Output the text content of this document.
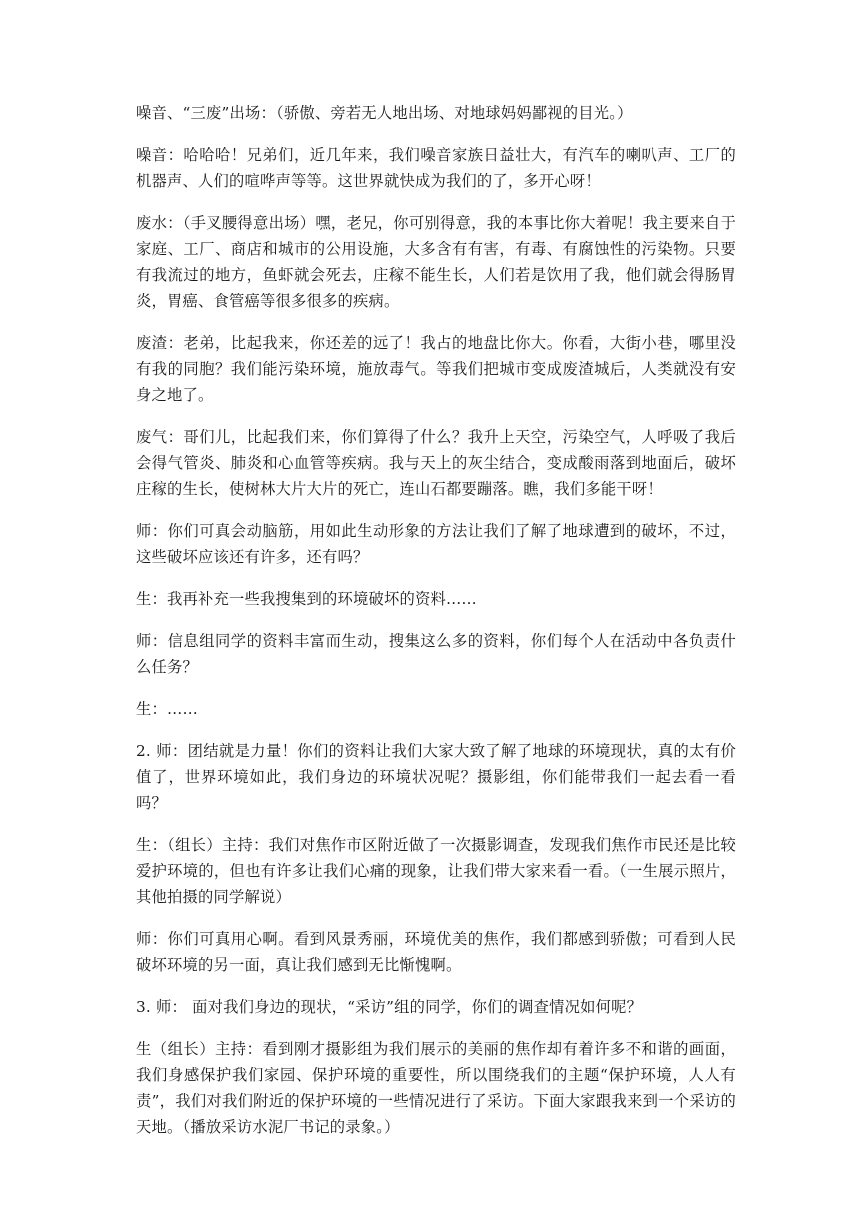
噪音、“三废”出场：（骄傲、旁若无人地出场、对地球妈妈鄙视的目光。）

噪音：哈哈哈！兄弟们，近几年来，我们噪音家族日益壮大，有汽车的喇叭声、工厂的机器声、人们的喧哗声等等。这世界就快成为我们的了，多开心呀！

废水：（手叉腰得意出场）嘿，老兄，你可别得意，我的本事比你大着呢！我主要来自于家庭、工厂、商店和城市的公用设施，大多含有有害，有毒、有腐蚀性的污染物。只要有我流过的地方，鱼虾就会死去，庄稼不能生长，人们若是饮用了我，他们就会得肠胃炎，胃癌、食管癌等很多很多的疾病。

废渣：老弟，比起我来，你还差的远了！我占的地盘比你大。你看，大街小巷，哪里没有我的同胞？我们能污染环境，施放毒气。等我们把城市变成废渣城后，人类就没有安身之地了。

废气：哥们儿，比起我们来，你们算得了什么？我升上天空，污染空气，人呼吸了我后会得气管炎、肺炎和心血管等疾病。我与天上的灰尘结合，变成酸雨落到地面后，破坏庄稼的生长，使树林大片大片的死亡，连山石都要蹦落。瞧，我们多能干呀！

师：你们可真会动脑筋，用如此生动形象的方法让我们了解了地球遭到的破坏，不过，这些破坏应该还有许多，还有吗？

生：我再补充一些我搜集到的环境破坏的资料……

师：信息组同学的资料丰富而生动，搜集这么多的资料，你们每个人在活动中各负责什么任务？

生：……

2. 师：团结就是力量！你们的资料让我们大家大致了解了地球的环境现状，真的太有价值了，世界环境如此，我们身边的环境状况呢？摄影组，你们能带我们一起去看一看吗？

生：（组长）主持：我们对焦作市区附近做了一次摄影调查，发现我们焦作市民还是比较爱护环境的，但也有许多让我们心痛的现象，让我们带大家来看一看。（一生展示照片，其他拍摄的同学解说）

师：你们可真用心啊。看到风景秀丽，环境优美的焦作，我们都感到骄傲；可看到人民破坏环境的另一面，真让我们感到无比惭愧啊。

3. 师： 面对我们身边的现状，“采访”组的同学，你们的调查情况如何呢？

生（组长）主持：看到刚才摄影组为我们展示的美丽的焦作却有着许多不和谐的画面，我们身感保护我们家园、保护环境的重要性，所以围绕我们的主题“保护环境，人人有责”，我们对我们附近的保护环境的一些情况进行了采访。下面大家跟我来到一个采访的天地。（播放采访水泥厂书记的录象。）
